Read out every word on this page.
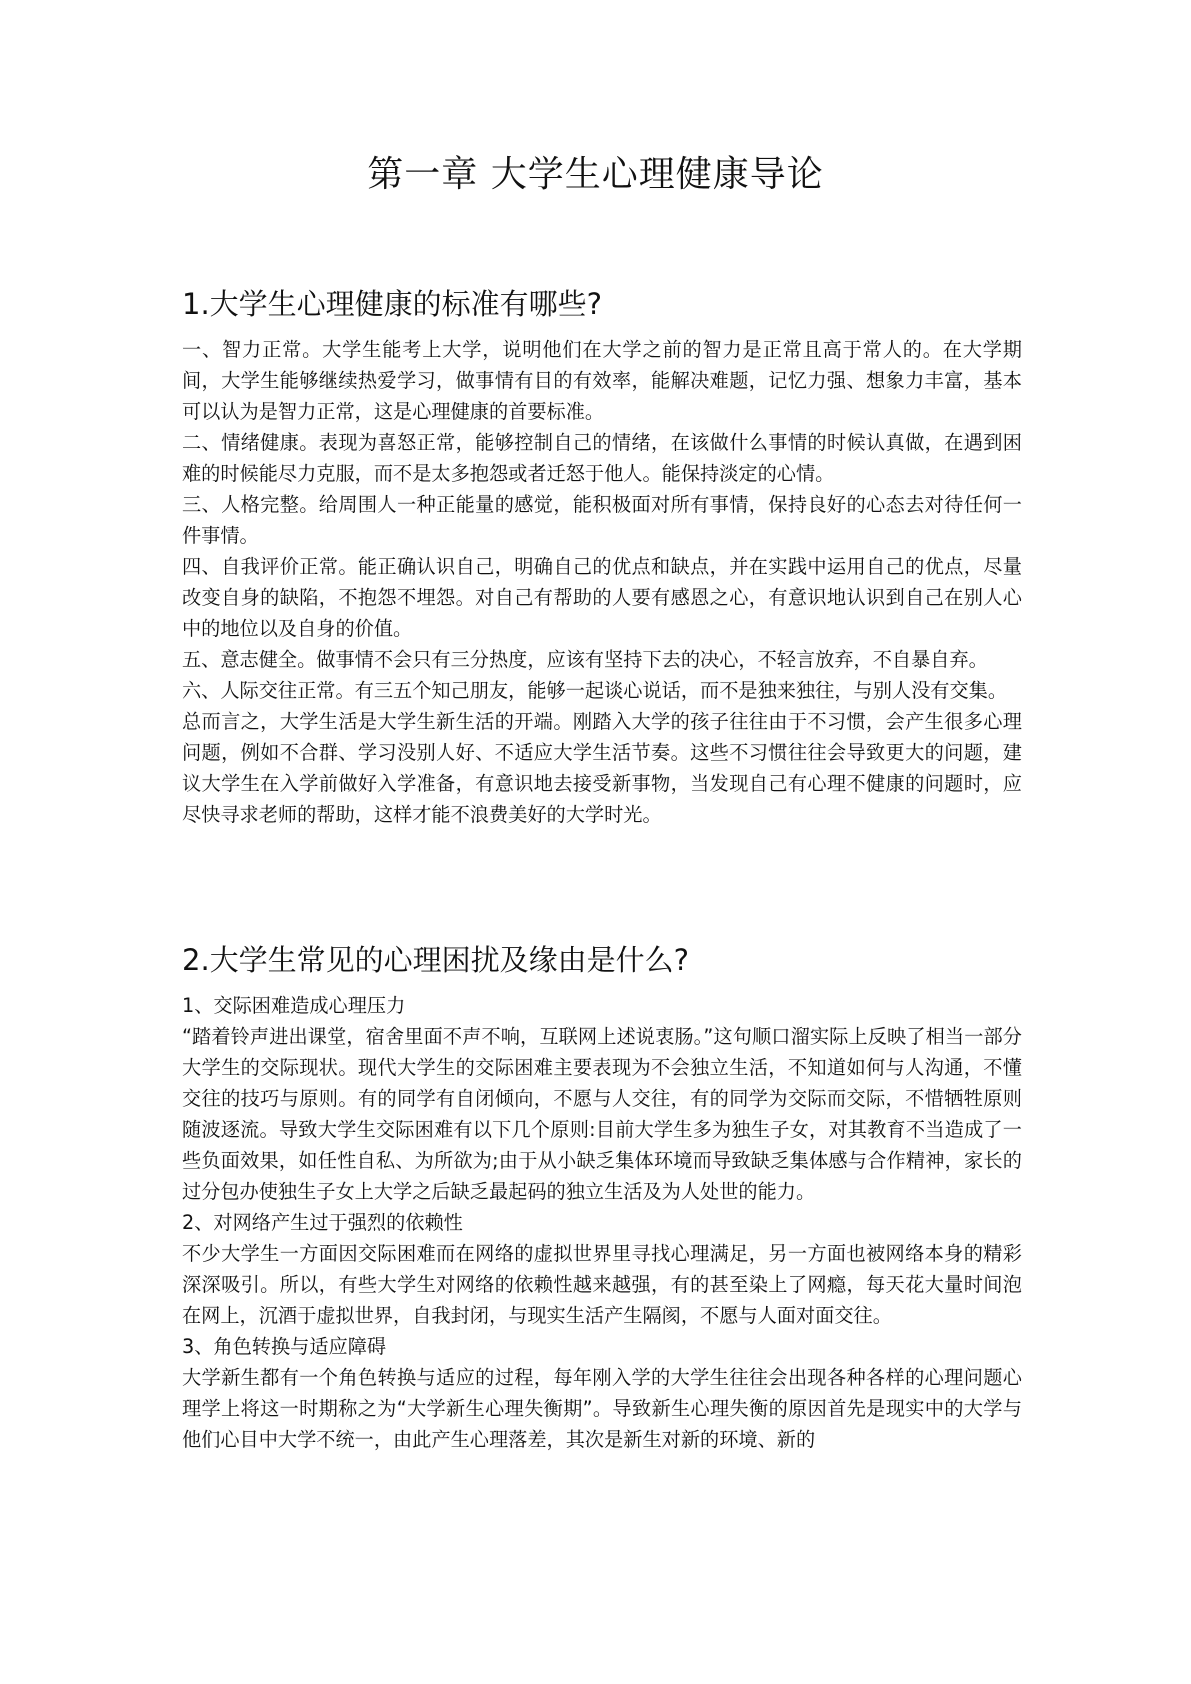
第一章 大学生心理健康导论
1.大学生心理健康的标准有哪些?

一、智力正常。大学生能考上大学，说明他们在大学之前的智力是正常且高于常人的。在大学期间，大学生能够继续热爱学习，做事情有目的有效率，能解决难题，记忆力强、想象力丰富，基本可以认为是智力正常，这是心理健康的首要标准。

二、情绪健康。表现为喜怒正常，能够控制自己的情绪，在该做什么事情的时候认真做，在遇到困难的时候能尽力克服，而不是太多抱怨或者迁怒于他人。能保持淡定的心情。

三、人格完整。给周围人一种正能量的感觉，能积极面对所有事情，保持良好的心态去对待任何一件事情。

四、自我评价正常。能正确认识自己，明确自己的优点和缺点，并在实践中运用自己的优点，尽量改变自身的缺陷，不抱怨不埋怨。对自己有帮助的人要有感恩之心，有意识地认识到自己在别人心中的地位以及自身的价值。

五、意志健全。做事情不会只有三分热度，应该有坚持下去的决心，不轻言放弃，不自暴自弃。

六、人际交往正常。有三五个知己朋友，能够一起谈心说话，而不是独来独往，与别人没有交集。

总而言之，大学生活是大学生新生活的开端。刚踏入大学的孩子往往由于不习惯，会产生很多心理问题，例如不合群、学习没别人好、不适应大学生活节奏。这些不习惯往往会导致更大的问题，建议大学生在入学前做好入学准备，有意识地去接受新事物，当发现自己有心理不健康的问题时，应尽快寻求老师的帮助，这样才能不浪费美好的大学时光。

2.大学生常见的心理困扰及缘由是什么?

1、交际困难造成心理压力

“踏着铃声进出课堂，宿舍里面不声不响，互联网上述说衷肠。”这句顺口溜实际上反映了相当一部分大学生的交际现状。现代大学生的交际困难主要表现为不会独立生活，不知道如何与人沟通，不懂交往的技巧与原则。有的同学有自闭倾向，不愿与人交往，有的同学为交际而交际，不惜牺牲原则随波逐流。导致大学生交际困难有以下几个原则:目前大学生多为独生子女，对其教育不当造成了一些负面效果，如任性自私、为所欲为;由于从小缺乏集体环境而导致缺乏集体感与合作精神，家长的过分包办使独生子女上大学之后缺乏最起码的独立生活及为人处世的能力。

2、对网络产生过于强烈的依赖性

不少大学生一方面因交际困难而在网络的虚拟世界里寻找心理满足，另一方面也被网络本身的精彩深深吸引。所以，有些大学生对网络的依赖性越来越强，有的甚至染上了网瘾，每天花大量时间泡在网上，沉酒于虚拟世界，自我封闭，与现实生活产生隔阂，不愿与人面对面交往。

3、角色转换与适应障碍

大学新生都有一个角色转换与适应的过程，每年刚入学的大学生往往会出现各种各样的心理问题心理学上将这一时期称之为“大学新生心理失衡期”。导致新生心理失衡的原因首先是现实中的大学与他们心目中大学不统一，由此产生心理落差，其次是新生对新的环境、新的
